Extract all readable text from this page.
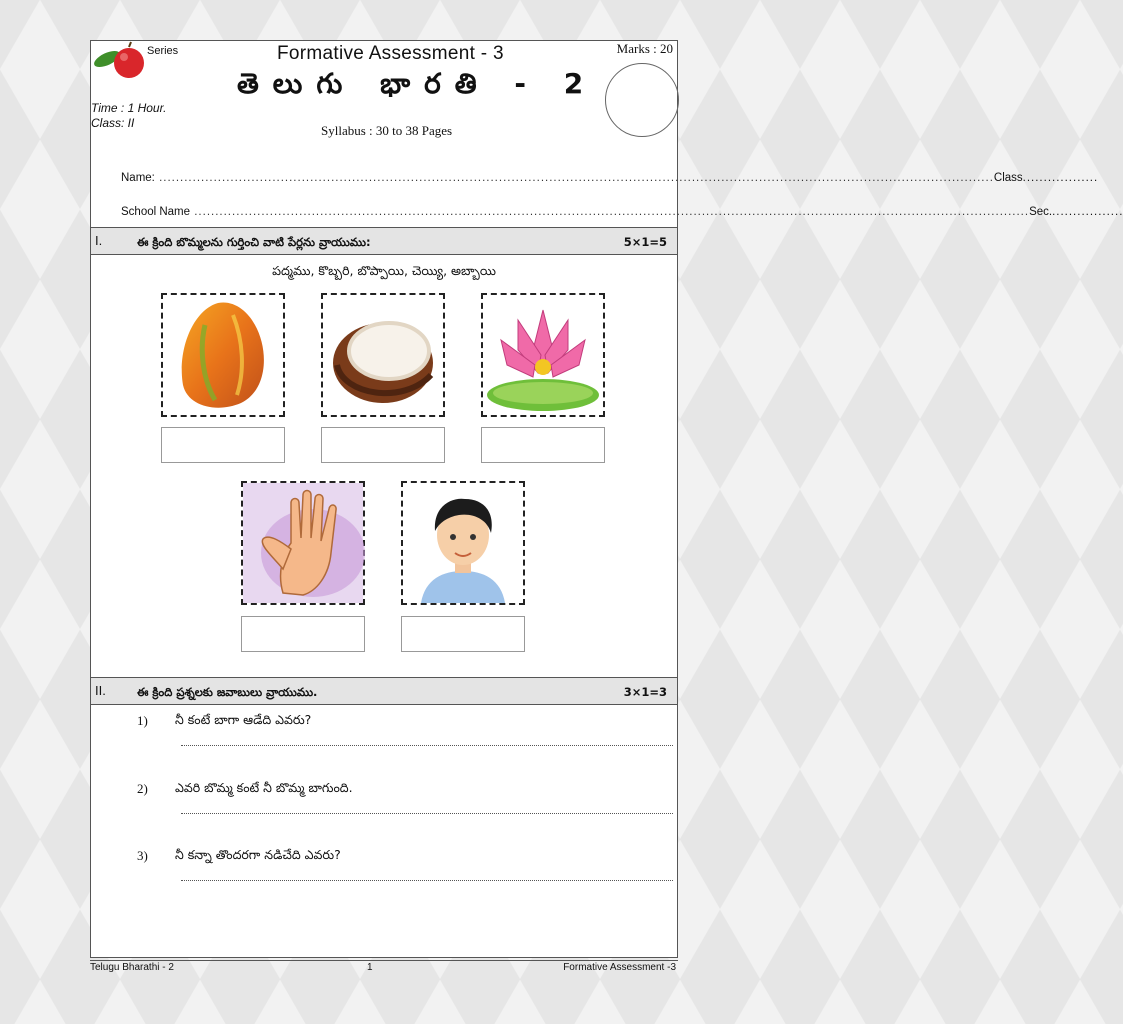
Series	Formative Assessment - 3	Marks : 20
తెలుగు భారతి - 2
Time : 1 Hour.
Class: II	Syllabus : 30 to 38 Pages
Name: ....................................................................................................................................................................................................... Class ..................
School Name ....................................................................................................................................................................................................... Sec. .................
I.	ఈ క్రింది బొమ్మలను గుర్తించి వాటి పేర్లను వ్రాయుము:	5×1=5
పద్మము, కొబ్బరి, బొప్పాయి, చెయ్యి, అబ్బాయి
II.	ఈ క్రింది ప్రశ్నలకు జవాబులు వ్రాయుము.	3×1=3
1) నీ కంటే బాగా ఆడేది ఎవరు?
2) ఎవరి బొమ్మ కంటే నీ బొమ్మ బాగుంది.
3) నీ కన్నా తొందరగా నడిచేది ఎవరు?
Telugu Bharathi - 2	1	Formative Assessment -3
